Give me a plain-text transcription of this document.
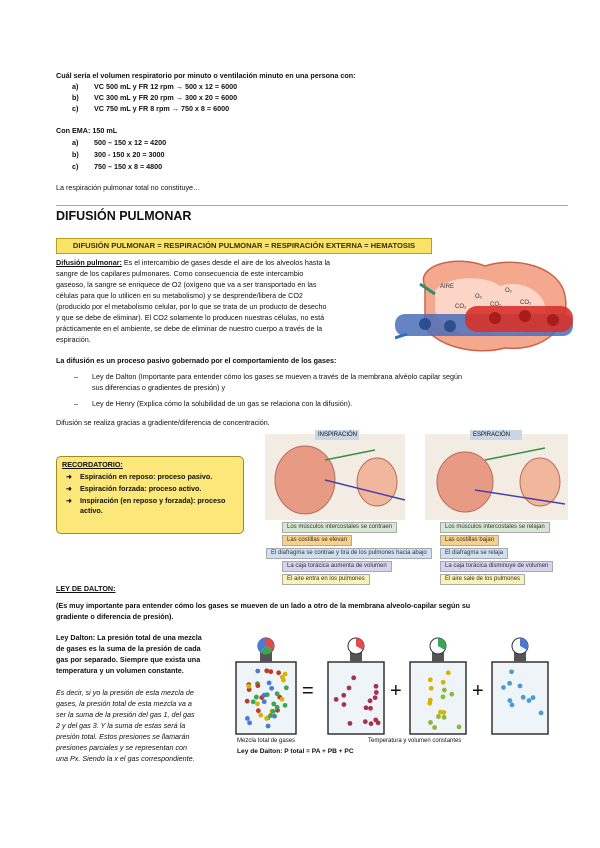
Cuál sería el volumen respiratorio por minuto o ventilación minuto en una persona con:
a) VC 500 mL y FR 12 rpm → 500 x 12 = 6000
b) VC 300 mL y FR 20 rpm → 300 x 20 = 6000
c) VC 750 mL y FR 8 rpm → 750 x 8 = 6000
Con EMA: 150 mL
a) 500 – 150 x 12 = 4200
b) 300 - 150 x 20 = 3000
c) 750 – 150 x 8 = 4800
La respiración pulmonar total no constituye…
DIFUSIÓN PULMONAR
DIFUSIÓN PULMONAR = RESPIRACIÓN PULMONAR = RESPIRACIÓN EXTERNA = HEMATOSIS
Difusión pulmonar: Es el intercambio de gases desde el aire de los alveolos hasta la
sangre de los capilares pulmonares. Como consecuencia de este intercambio
gaseoso, la sangre se enriquece de O2 (oxígeno que va a ser transportado en las
células para que lo utilicen en su metabolismo) y se desprende/libera de CO2
(producido por el metabolismo celular, por lo que se trata de un producto de desecho
y que se debe de eliminar). El CO2 solamente lo producen nuestras células, no está
prácticamente en el ambiente, se debe de eliminar de nuestro cuerpo a través de la
espiración.
AIRE
O₂
O₂
CO₂	CO₂	CO₂
La difusión es un proceso pasivo gobernado por el comportamiento de los gases:
– Ley de Dalton (Importante para entender cómo los gases se mueven a través de la membrana alvéolo capilar según
sus diferencias o gradientes de presión) y
– Ley de Henry (Explica cómo la solubilidad de un gas se relaciona con la difusión).
Difusión se realiza gracias a gradiente/diferencia de concentración.
RECORDATORIO:
➜ Espiración en reposo: proceso pasivo.
➜ Espiración forzada: proceso activo.
➜ Inspiración (en reposo y forzada): proceso activo.
INSPIRACIÓN	ESPIRACIÓN
Los músculos intercostales se contraen
Las costillas se elevan
El diafragma se contrae y tira de los pulmones hacia abajo
La caja torácica aumenta de volumen
El aire entra en los pulmones
Los músculos intercostales se relajan
Las costillas bajan
El diafragma se relaja
La caja torácica disminuye de volumen
El aire sale de los pulmones
LEY DE DALTON:
(Es muy importante para entender cómo los gases se mueven de un lado a otro de la membrana alveolo-capilar según su
gradiente o diferencia de presión).
Ley Dalton: La presión total de una mezcla
de gases es la suma de la presión de cada
gas por separado. Siempre que exista una
temperatura y un volumen constante.
Es decir, si yo la presión de esta mezcla de
gases, la presión total de esta mezcla va a
ser la suma de la presión del gas 1, del gas
2 y del gas 3. Y la suma de estas será la
presión total. Estos presiones se llamarán
presiones parciales y se representan con
una Px. Siendo la x el gas correspondiente.
=	+	+
Mezcla total de gases	Temperatura y volumen constantes
Ley de Dalton: P total = PA + PB + PC
